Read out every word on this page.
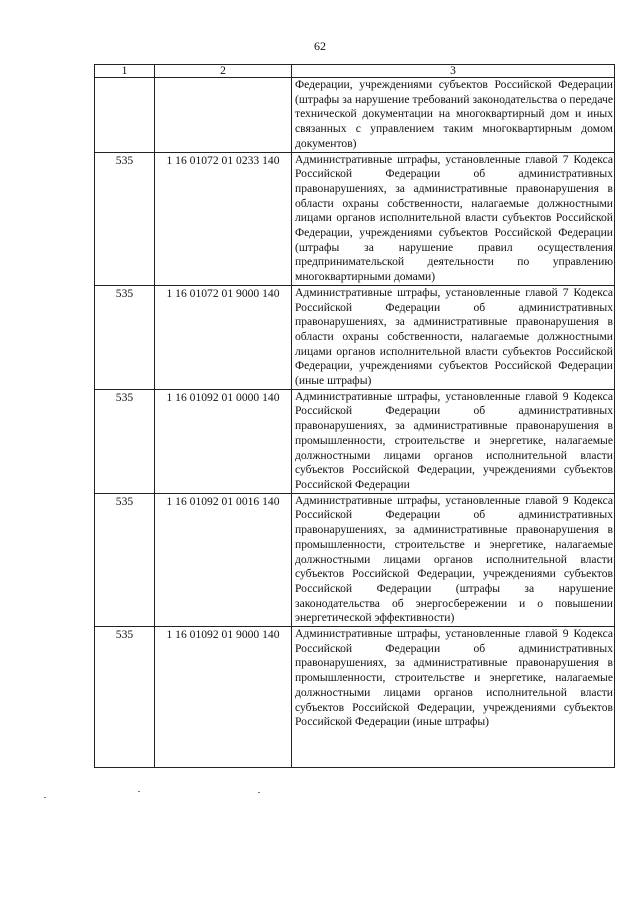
62
1	2	3

		Федерации, учреждениями субъектов Российской Федерации (штрафы за нарушение требований законодательства о передаче технической документации на многоквартирный дом и иных связанных с управлением таким многоквартирным домом документов)

535	1 16 01072 01 0233 140	Административные штрафы, установленные главой 7 Кодекса Российской Федерации об административных правонарушениях, за административные правонарушения в области охраны собственности, налагаемые должностными лицами органов исполнительной власти субъектов Российской Федерации, учреждениями субъектов Российской Федерации (штрафы за нарушение правил осуществления предпринимательской деятельности по управлению многоквартирными домами)

535	1 16 01072 01 9000 140	Административные штрафы, установленные главой 7 Кодекса Российской Федерации об административных правонарушениях, за административные правонарушения в области охраны собственности, налагаемые должностными лицами органов исполнительной власти субъектов Российской Федерации, учреждениями субъектов Российской Федерации (иные штрафы)

535	1 16 01092 01 0000 140	Административные штрафы, установленные главой 9 Кодекса Российской Федерации об административных правонарушениях, за административные правонарушения в промышленности, строительстве и энергетике, налагаемые должностными лицами органов исполнительной власти субъектов Российской Федерации, учреждениями субъектов Российской Федерации

535	1 16 01092 01 0016 140	Административные штрафы, установленные главой 9 Кодекса Российской Федерации об административных правонарушениях, за административные правонарушения в промышленности, строительстве и энергетике, налагаемые должностными лицами органов исполнительной власти субъектов Российской Федерации, учреждениями субъектов Российской Федерации (штрафы за нарушение законодательства об энергосбережении и о повышении энергетической эффективности)

535	1 16 01092 01 9000 140	Административные штрафы, установленные главой 9 Кодекса Российской Федерации об административных правонарушениях, за административные правонарушения в промышленности, строительстве и энергетике, налагаемые должностными лицами органов исполнительной власти субъектов Российской Федерации, учреждениями субъектов Российской Федерации (иные штрафы)
